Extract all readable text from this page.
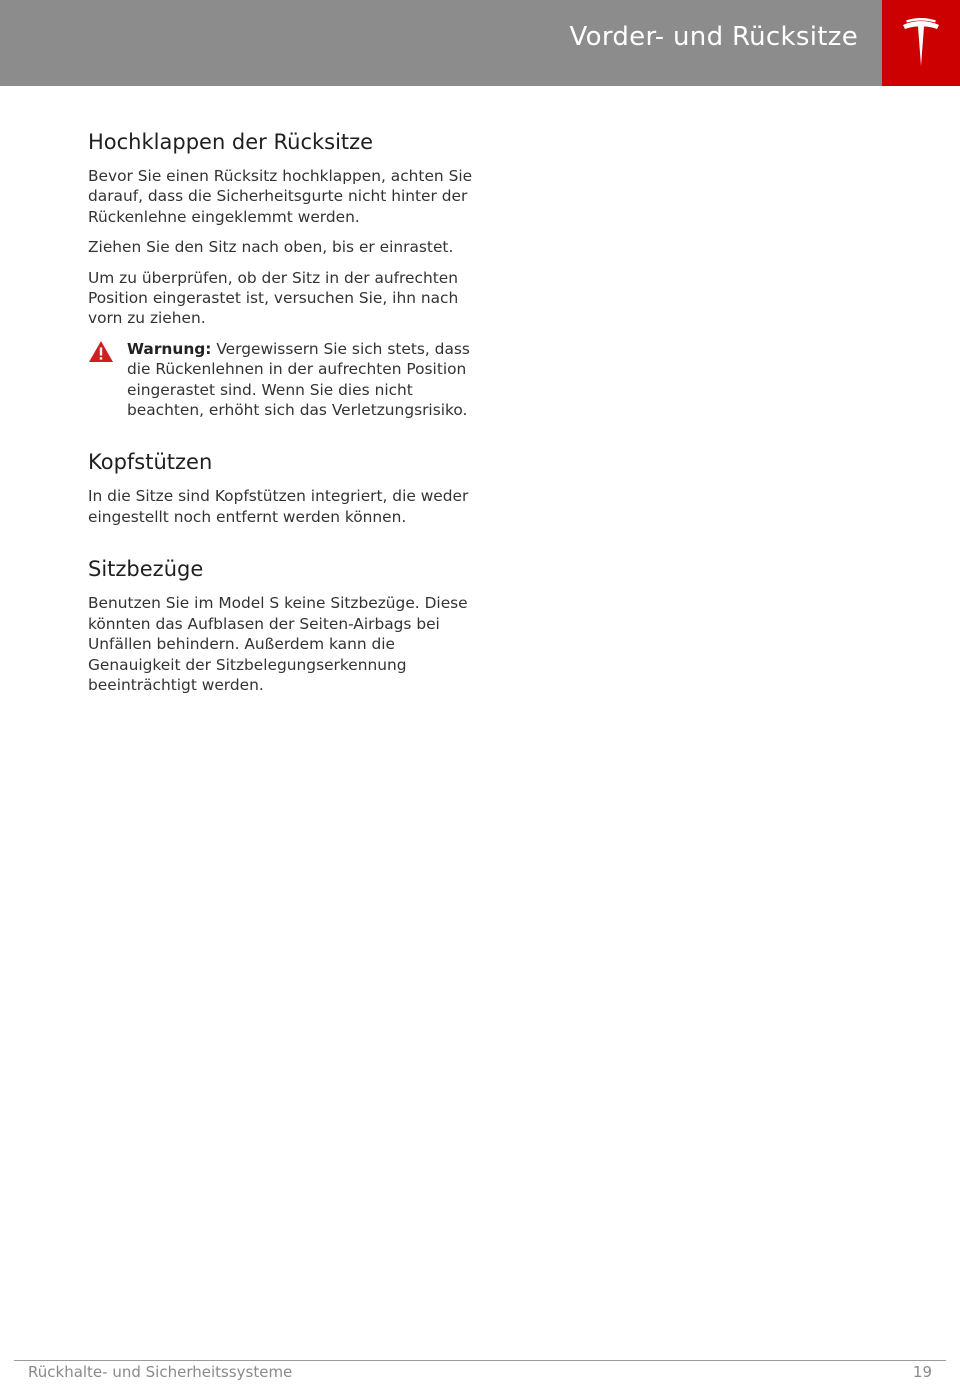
Vorder- und Rücksitze
Hochklappen der Rücksitze

Bevor Sie einen Rücksitz hochklappen, achten Sie darauf, dass die Sicherheitsgurte nicht hinter der Rückenlehne eingeklemmt werden.

Ziehen Sie den Sitz nach oben, bis er einrastet.

Um zu überprüfen, ob der Sitz in der aufrechten Position eingerastet ist, versuchen Sie, ihn nach vorn zu ziehen.

Warnung: Vergewissern Sie sich stets, dass die Rückenlehnen in der aufrechten Position eingerastet sind. Wenn Sie dies nicht beachten, erhöht sich das Verletzungsrisiko.

Kopfstützen

In die Sitze sind Kopfstützen integriert, die weder eingestellt noch entfernt werden können.

Sitzbezüge

Benutzen Sie im Model S keine Sitzbezüge. Diese könnten das Aufblasen der Seiten-Airbags bei Unfällen behindern. Außerdem kann die Genauigkeit der Sitzbelegungserkennung beeinträchtigt werden.

Rückhalte- und Sicherheitssysteme	19
